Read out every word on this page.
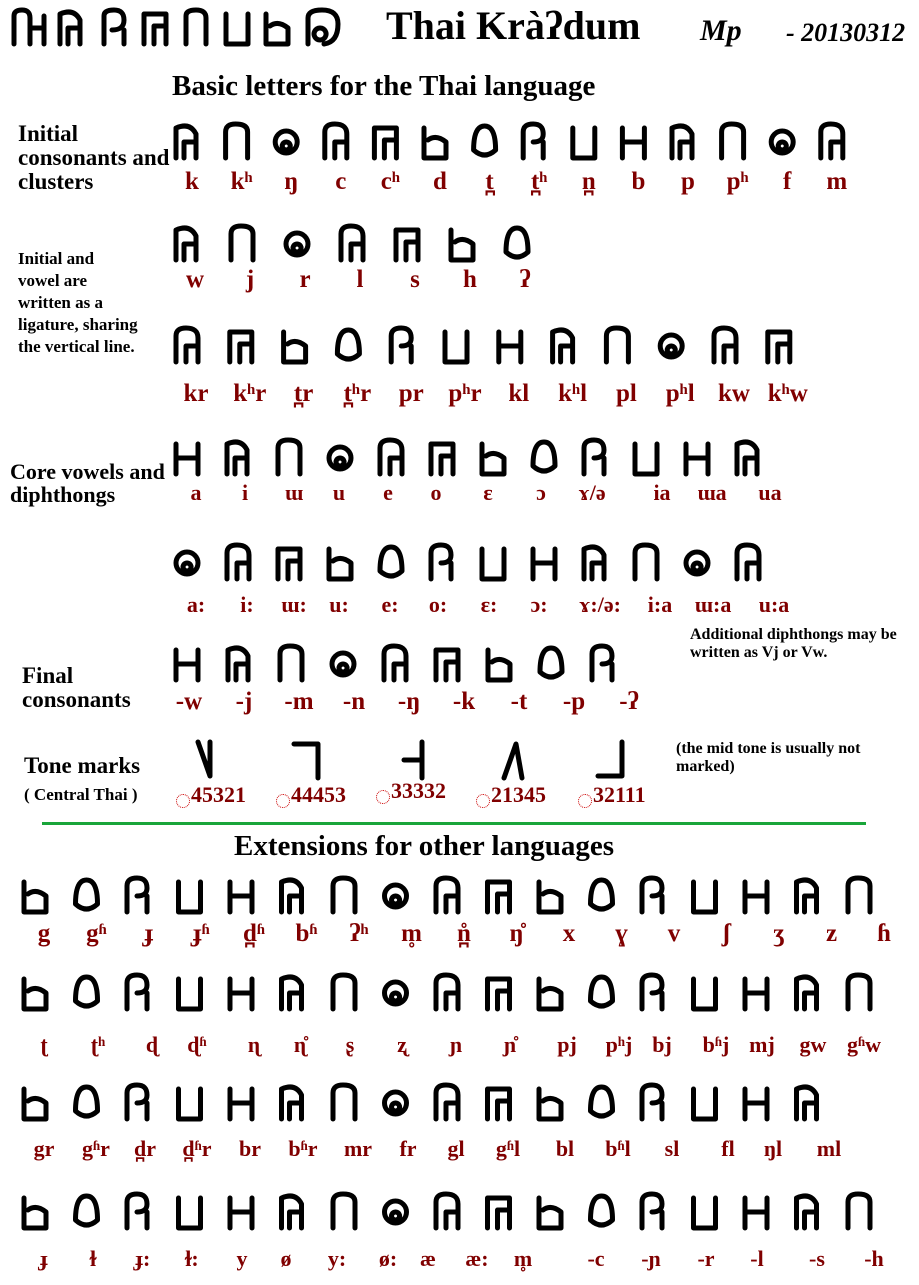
Thai Kràʔdum Mp - 20130312
Basic letters for the Thai language
Initial consonants and clusters
Initial and vowel are written as a ligature, sharing the vertical line.
Core vowels and diphthongs
Final consonants
Tone marks
( Central Thai )
Additional diphthongs may be written as Vj or Vw.
(the mid tone is usually not marked)
k	kʰ	ŋ	c	cʰ	d	t̪	t̪ʰ	n̪	b	p	pʰ	f	m
w	j	r	l	s	h	ʔ
kr kʰr	t̪r	t̪ʰr	pr pʰr	kl	kʰl	pl	pʰl kw kʰw
a	i	ɯ	u	e	o	ɛ	ɔ	ɤ/ə	ia	ɯa	ua
a:	i:	ɯ:	u:	e:	o:	ɛ:	ɔ:	ɤ:/ə:	i:a	ɯ:a	u:a
-w	-j	-m	-n	-ŋ	-k	-t	-p	-ʔ
45321	44453	33332	21345	32111
g	gʱ	ɟ	ɟʱ	d̪ʱ	bʱ	ʔʰ	m̥	n̪̊	ŋ̊	x	ɣ	v	ʃ	ʒ	z	ɦ
ʈ	ʈʰ	ɖ	ɖʱ	ɳ	ɳ̊	ʂ	ʐ	ɲ	ɲ̊	pj	pʰj bj	bʱj mj	gw gʱw
gr	gʱr	d̪r	d̪ʱr	br	bʱr	mr	fr	gl	gʱl	bl	bʱl	sl	fl	ŋl	ml
ɟ	ɫ	ɟ:	ɫ:	y	ø	y:	ø:	æ	æ:	m̥	-c	-ɲ	-r	-l	-s	-h
Extensions for other languages
